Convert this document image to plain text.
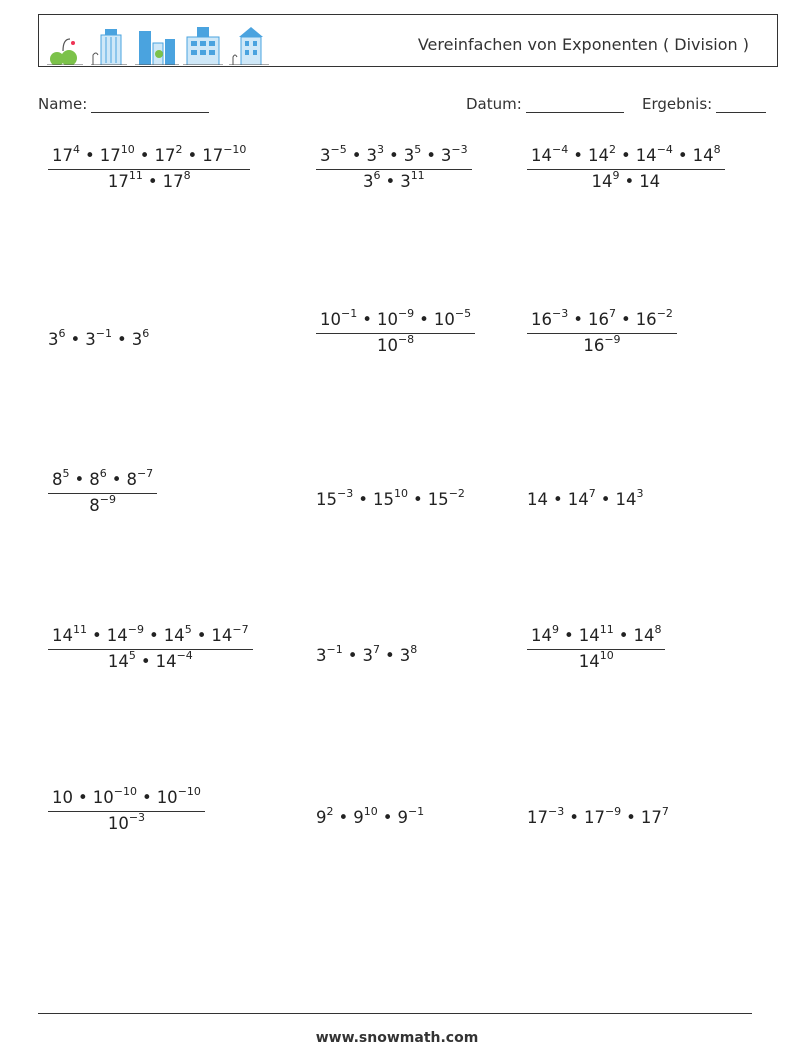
Vereinfachen von Exponenten ( Division )
Name:	Datum:	Ergebnis:
$\frac{17^4 • 17^{10} • 17^2 • 17^{-10}}{17^{11} • 17^8}$	$\frac{3^{-5} • 3^3 • 3^5 • 3^{-3}}{3^6 • 3^{11}}$	$\frac{14^{-4} • 14^2 • 14^{-4} • 14^8}{14^9 • 14}$
$3^6$ • $3^{-1}$ • $3^6$	$\frac{10^{-1} • 10^{-9} • 10^{-5}}{10^{-8}}$	$\frac{16^{-3} • 16^7 • 16^{-2}}{16^{-9}}$
$\frac{8^5 • 8^6 • 8^{-7}}{8^{-9}}$	$15^{-3}$ • $15^{10}$ • $15^{-2}$	14 • $14^7$ • $14^3$
$\frac{14^{11} • 14^{-9} • 14^5 • 14^{-7}}{14^5 • 14^{-4}}$	$3^{-1}$ • $3^7$ • $3^8$	$\frac{14^9 • 14^{11} • 14^8}{14^{10}}$
$\frac{10 • 10^{-10} • 10^{-10}}{10^{-3}}$	$9^2$ • $9^{10}$ • $9^{-1}$	$17^{-3}$ • $17^{-9}$ • $17^7$
www.snowmath.com
